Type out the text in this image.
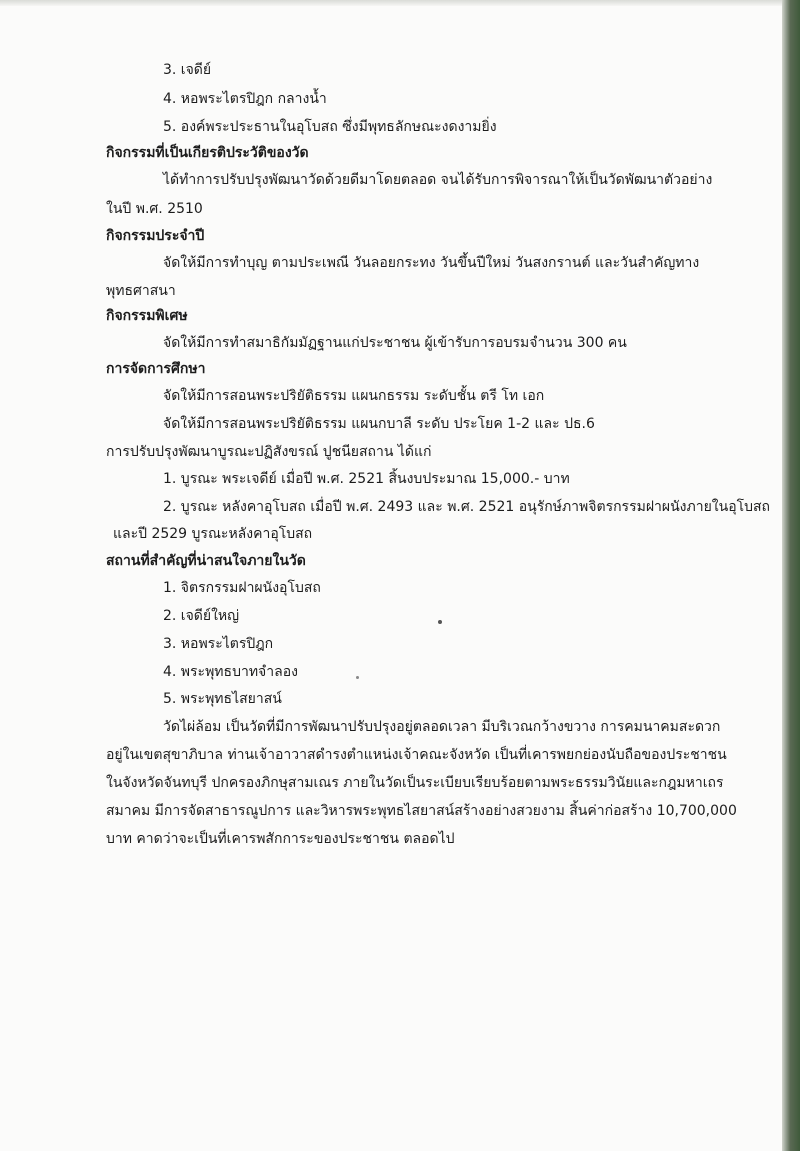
3. เจดีย์
4. หอพระไตรปิฎก กลางน้ำ
5. องค์พระประธานในอุโบสถ ซึ่งมีพุทธลักษณะงดงามยิ่ง
กิจกรรมที่เป็นเกียรติประวัติของวัด
ได้ทำการปรับปรุงพัฒนาวัดด้วยดีมาโดยตลอด จนได้รับการพิจารณาให้เป็นวัดพัฒนาตัวอย่าง
ในปี พ.ศ. 2510
กิจกรรมประจำปี
จัดให้มีการทำบุญ ตามประเพณี วันลอยกระทง วันขึ้นปีใหม่ วันสงกรานต์ และวันสำคัญทาง
พุทธศาสนา
กิจกรรมพิเศษ
จัดให้มีการทำสมาธิกัมมัฏฐานแก่ประชาชน ผู้เข้ารับการอบรมจำนวน 300 คน
การจัดการศึกษา
จัดให้มีการสอนพระปริยัติธรรม แผนกธรรม ระดับชั้น ตรี โท เอก
จัดให้มีการสอนพระปริยัติธรรม แผนกบาลี ระดับ ประโยค 1-2 และ ปธ.6
การปรับปรุงพัฒนาบูรณะปฏิสังขรณ์ ปูชนียสถาน ได้แก่
1. บูรณะ พระเจดีย์ เมื่อปี พ.ศ. 2521 สิ้นงบประมาณ 15,000.- บาท
2. บูรณะ หลังคาอุโบสถ เมื่อปี พ.ศ. 2493 และ พ.ศ. 2521 อนุรักษ์ภาพจิตรกรรมฝาผนังภายในอุโบสถ
และปี 2529 บูรณะหลังคาอุโบสถ
สถานที่สำคัญที่น่าสนใจภายในวัด
1. จิตรกรรมฝาผนังอุโบสถ
2. เจดีย์ใหญ่
3. หอพระไตรปิฎก
4. พระพุทธบาทจำลอง
5. พระพุทธไสยาสน์
วัดไผ่ล้อม เป็นวัดที่มีการพัฒนาปรับปรุงอยู่ตลอดเวลา มีบริเวณกว้างขวาง การคมนาคมสะดวก
อยู่ในเขตสุขาภิบาล ท่านเจ้าอาวาสดำรงตำแหน่งเจ้าคณะจังหวัด เป็นที่เคารพยกย่องนับถือของประชาชน
ในจังหวัดจันทบุรี ปกครองภิกษุสามเณร ภายในวัดเป็นระเบียบเรียบร้อยตามพระธรรมวินัยและกฎมหาเถร
สมาคม มีการจัดสาธารณูปการ และวิหารพระพุทธไสยาสน์สร้างอย่างสวยงาม สิ้นค่าก่อสร้าง 10,700,000
บาท คาดว่าจะเป็นที่เคารพสักการะของประชาชน ตลอดไป
